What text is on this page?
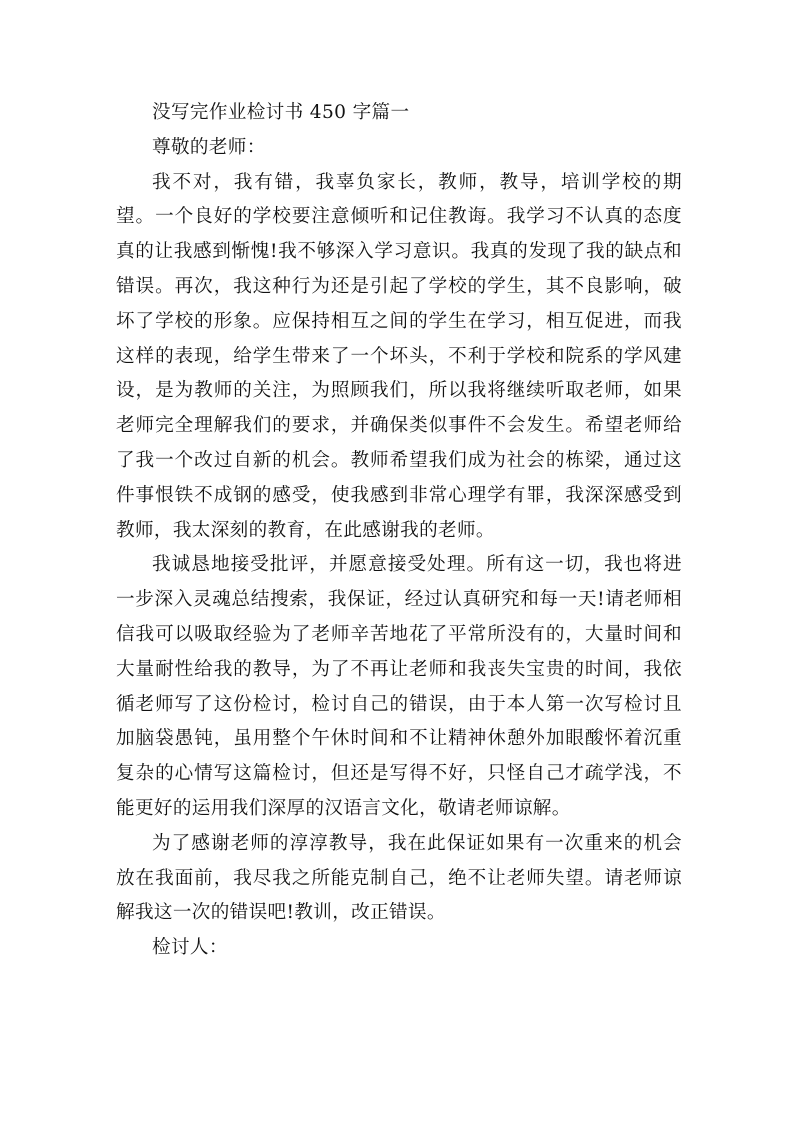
没写完作业检讨书 450 字篇一

尊敬的老师：

我不对，我有错，我辜负家长，教师，教导，培训学校的期望。一个良好的学校要注意倾听和记住教诲。我学习不认真的态度真的让我感到惭愧!我不够深入学习意识。我真的发现了我的缺点和错误。再次，我这种行为还是引起了学校的学生，其不良影响，破坏了学校的形象。应保持相互之间的学生在学习，相互促进，而我这样的表现，给学生带来了一个坏头，不利于学校和院系的学风建设，是为教师的关注，为照顾我们，所以我将继续听取老师，如果老师完全理解我们的要求，并确保类似事件不会发生。希望老师给了我一个改过自新的机会。教师希望我们成为社会的栋梁，通过这件事恨铁不成钢的感受，使我感到非常心理学有罪，我深深感受到教师，我太深刻的教育，在此感谢我的老师。

我诚恳地接受批评，并愿意接受处理。所有这一切，我也将进一步深入灵魂总结搜索，我保证，经过认真研究和每一天!请老师相信我可以吸取经验为了老师辛苦地花了平常所没有的，大量时间和大量耐性给我的教导，为了不再让老师和我丧失宝贵的时间，我依循老师写了这份检讨，检讨自己的错误，由于本人第一次写检讨且加脑袋愚钝，虽用整个午休时间和不让精神休憩外加眼酸怀着沉重复杂的心情写这篇检讨，但还是写得不好，只怪自己才疏学浅，不能更好的运用我们深厚的汉语言文化，敬请老师谅解。

为了感谢老师的淳淳教导，我在此保证如果有一次重来的机会放在我面前，我尽我之所能克制自己，绝不让老师失望。请老师谅解我这一次的错误吧!教训，改正错误。

检讨人：
